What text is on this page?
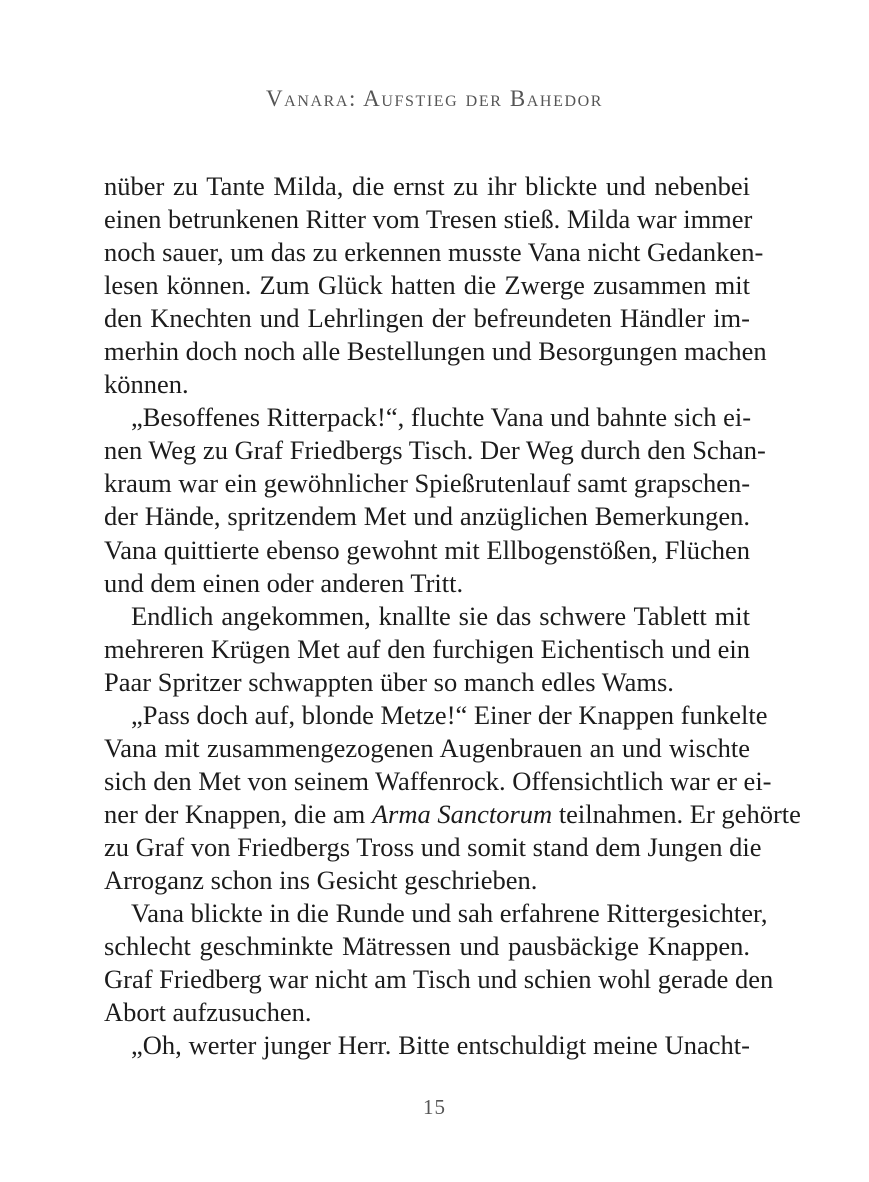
Vanara: Aufstieg der Bahedor
nüber zu Tante Milda, die ernst zu ihr blickte und nebenbei
einen betrunkenen Ritter vom Tresen stieß. Milda war immer
noch sauer, um das zu erkennen musste Vana nicht Gedanken-
lesen können. Zum Glück hatten die Zwerge zusammen mit
den Knechten und Lehrlingen der befreundeten Händler im-
merhin doch noch alle Bestellungen und Besorgungen machen
können.
„Besoffenes Ritterpack!“, fluchte Vana und bahnte sich ei-
nen Weg zu Graf Friedbergs Tisch. Der Weg durch den Schan-
kraum war ein gewöhnlicher Spießrutenlauf samt grapschen-
der Hände, spritzendem Met und anzüglichen Bemerkungen.
Vana quittierte ebenso gewohnt mit Ellbogenstößen, Flüchen
und dem einen oder anderen Tritt.
Endlich angekommen, knallte sie das schwere Tablett mit
mehreren Krügen Met auf den furchigen Eichentisch und ein
Paar Spritzer schwappten über so manch edles Wams.
„Pass doch auf, blonde Metze!“ Einer der Knappen funkelte
Vana mit zusammengezogenen Augenbrauen an und wischte
sich den Met von seinem Waffenrock. Offensichtlich war er ei-
ner der Knappen, die am Arma Sanctorum teilnahmen. Er gehörte
zu Graf von Friedbergs Tross und somit stand dem Jungen die
Arroganz schon ins Gesicht geschrieben.
Vana blickte in die Runde und sah erfahrene Rittergesichter,
schlecht geschminkte Mätressen und pausbäckige Knappen.
Graf Friedberg war nicht am Tisch und schien wohl gerade den
Abort aufzusuchen.
„Oh, werter junger Herr. Bitte entschuldigt meine Unacht-
15
